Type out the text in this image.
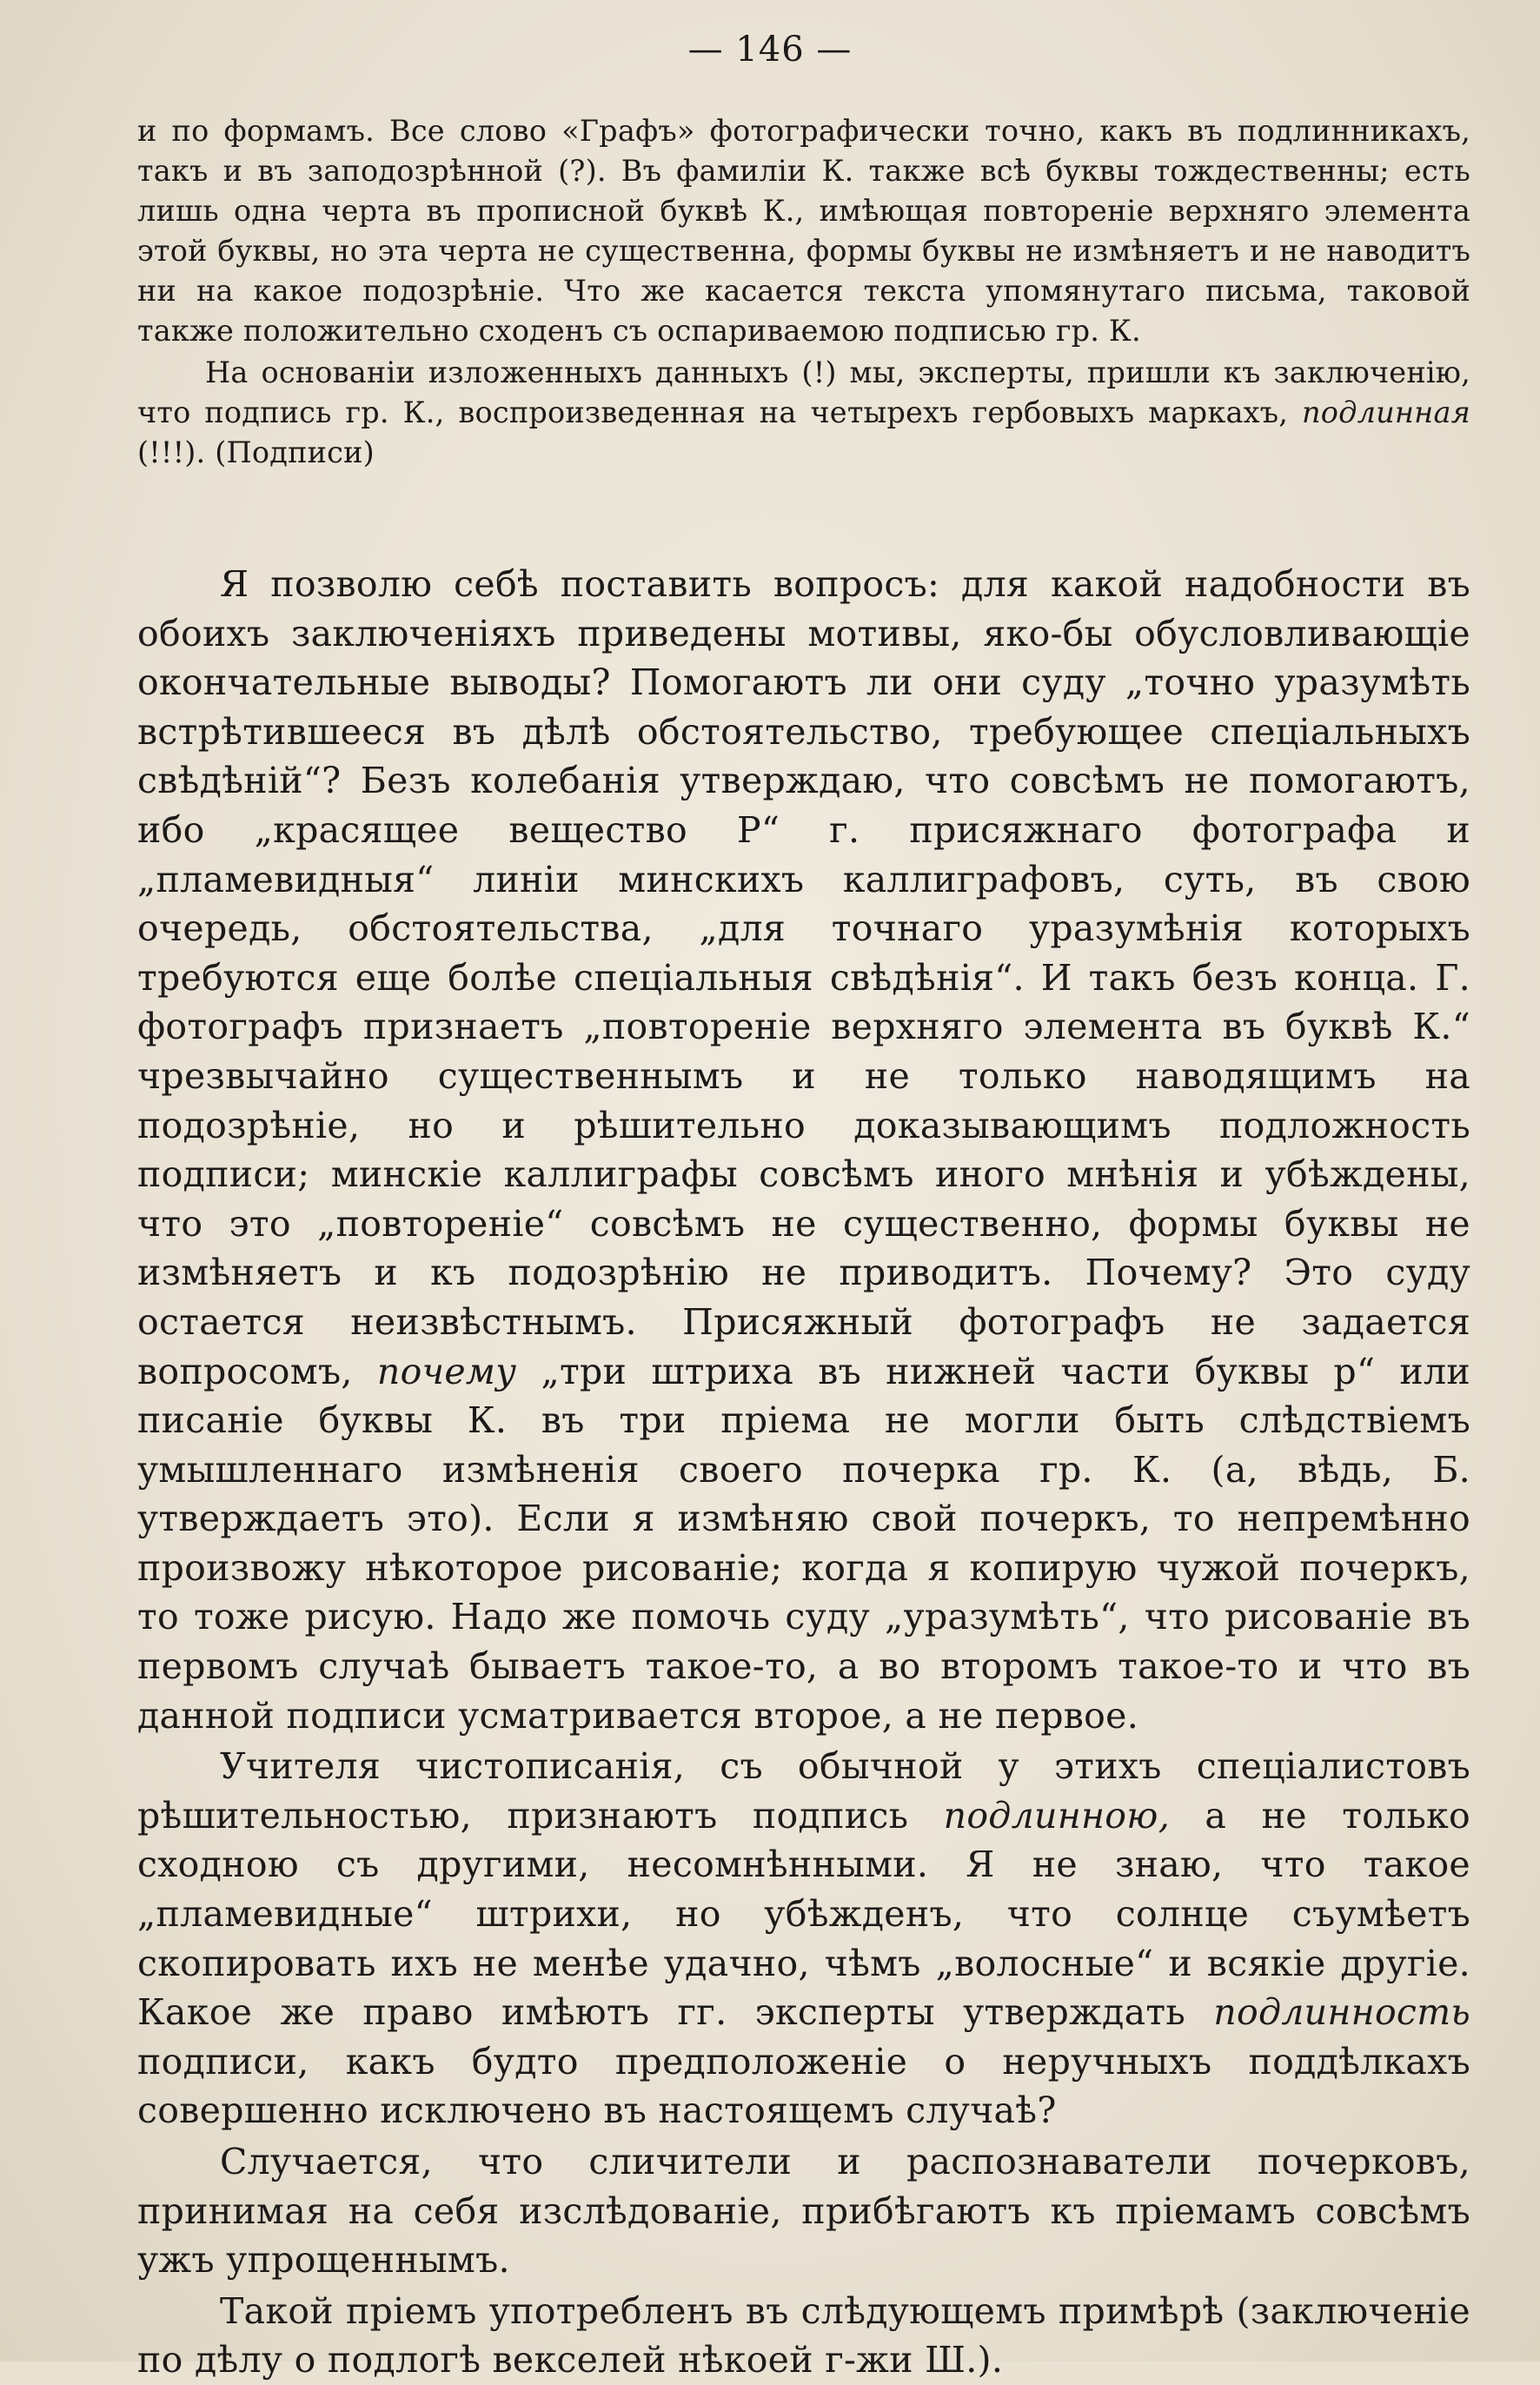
— 146 —

и по формамъ. Все слово «Графъ» фотографически точно, какъ въ подлинникахъ, такъ и въ заподозрѣнной (?). Въ фамиліи К. также всѣ буквы тождественны; есть лишь одна черта въ прописной буквѣ К., имѣющая повтореніе верхняго элемента этой буквы, но эта черта не существенна, формы буквы не измѣняетъ и не наводитъ ни на какое подозрѣніе. Что же касается текста упомянутаго письма, таковой также положительно сходенъ съ оспариваемою подписью гр. К.

На основаніи изложенныхъ данныхъ (!) мы, эксперты, пришли къ заключенію, что подпись гр. К., воспроизведенная на четырехъ гербовыхъ маркахъ, подлинная (!!!). (Подписи)

Я позволю себѣ поставить вопросъ: для какой надобности въ обоихъ заключеніяхъ приведены мотивы, яко-бы обусловливающіе окончательные выводы? Помогаютъ ли они суду „точно уразумѣть встрѣтившееся въ дѣлѣ обстоятельство, требующее спеціальныхъ свѣдѣній“? Безъ колебанія утверждаю, что совсѣмъ не помогаютъ, ибо „красящее вещество Р“ г. присяжнаго фотографа и „пламевидныя“ линіи минскихъ каллиграфовъ, суть, въ свою очередь, обстоятельства, „для точнаго уразумѣнія которыхъ требуются еще болѣе спеціальныя свѣдѣнія“. И такъ безъ конца. Г. фотографъ признаетъ „повтореніе верхняго элемента въ буквѣ К.“ чрезвычайно существеннымъ и не только наводящимъ на подозрѣніе, но и рѣшительно доказывающимъ подложность подписи; минскіе каллиграфы совсѣмъ иного мнѣнія и убѣждены, что это „повтореніе“ совсѣмъ не существенно, формы буквы не измѣняетъ и къ подозрѣнію не приводитъ. Почему? Это суду остается неизвѣстнымъ. Присяжный фотографъ не задается вопросомъ, почему „три штриха въ нижней части буквы р“ или писаніе буквы К. въ три пріема не могли быть слѣдствіемъ умышленнаго измѣненія своего почерка гр. К. (а, вѣдь, Б. утверждаетъ это). Если я измѣняю свой почеркъ, то непремѣнно произвожу нѣкоторое рисованіе; когда я копирую чужой почеркъ, то тоже рисую. Надо же помочь суду „уразумѣть“, что рисованіе въ первомъ случаѣ бываетъ такое-то, а во второмъ такое-то и что въ данной подписи усматривается второе, а не первое.

Учителя чистописанія, съ обычной у этихъ спеціалистовъ рѣшительностью, признаютъ подпись подлинною, а не только сходною съ другими, несомнѣнными. Я не знаю, что такое „пламевидные“ штрихи, но убѣжденъ, что солнце съумѣетъ скопировать ихъ не менѣе удачно, чѣмъ „волосные“ и всякіе другіе. Какое же право имѣютъ гг. эксперты утверждать подлинность подписи, какъ будто предположеніе о неручныхъ поддѣлкахъ совершенно исключено въ настоящемъ случаѣ?

Случается, что сличители и распознаватели почерковъ, принимая на себя изслѣдованіе, прибѣгаютъ къ пріемамъ совсѣмъ ужъ упрощеннымъ.

Такой пріемъ употребленъ въ слѣдующемъ примѣрѣ (заключеніе по дѣлу о подлогѣ векселей нѣкоей г-жи Ш.).
